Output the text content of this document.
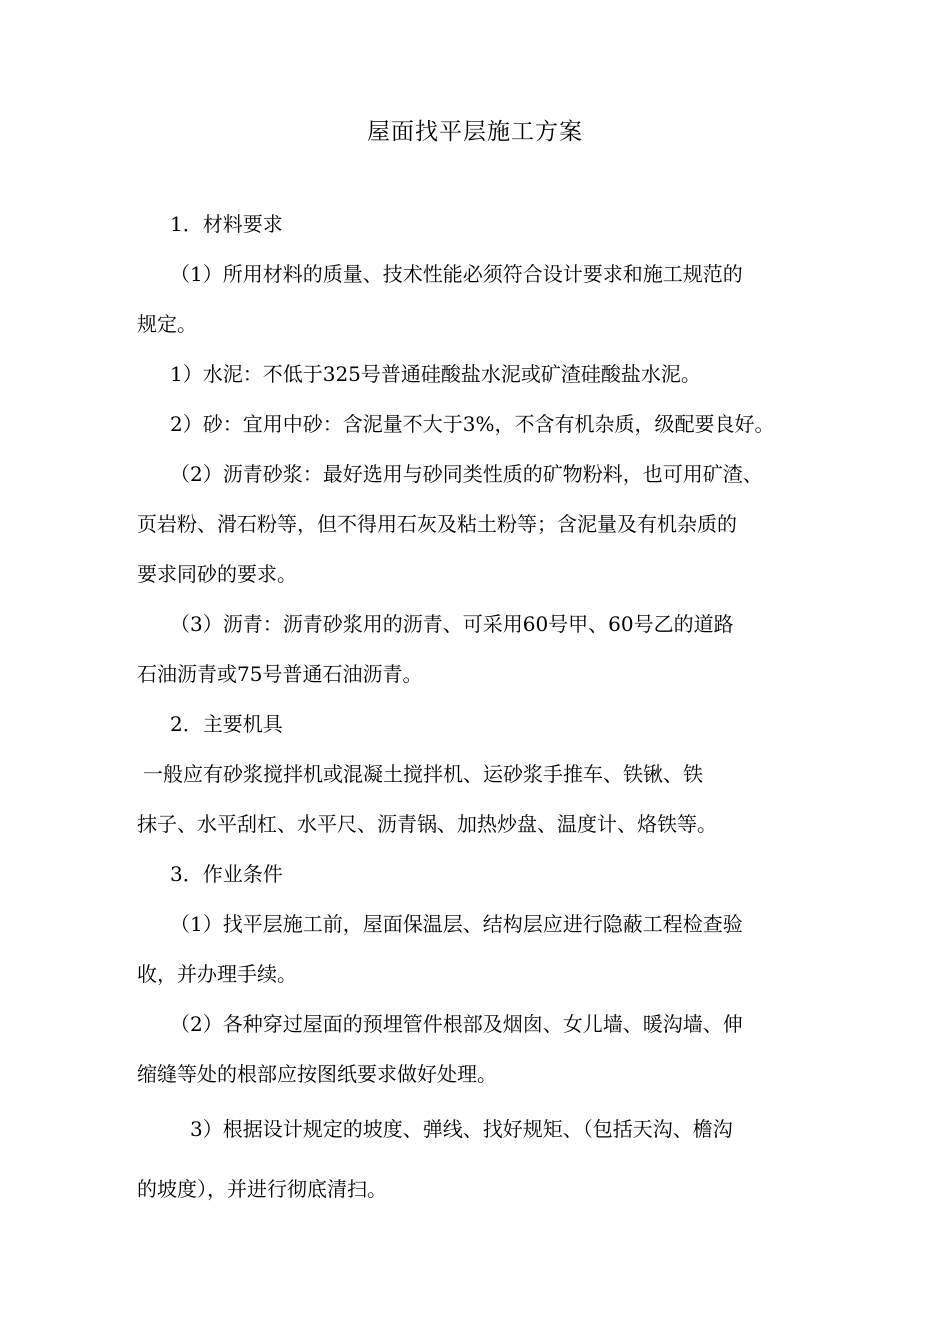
屋面找平层施工方案
1．材料要求
（1）所用材料的质量、技术性能必须符合设计要求和施工规范的
规定。
1）水泥：不低于325号普通硅酸盐水泥或矿渣硅酸盐水泥。
2）砂：宜用中砂：含泥量不大于3%，不含有机杂质，级配要良好。
（2）沥青砂浆：最好选用与砂同类性质的矿物粉料，也可用矿渣、
页岩粉、滑石粉等，但不得用石灰及粘土粉等；含泥量及有机杂质的
要求同砂的要求。
（3）沥青：沥青砂浆用的沥青、可采用60号甲、60号乙的道路
石油沥青或75号普通石油沥青。
2．主要机具
一般应有砂浆搅拌机或混凝土搅拌机、运砂浆手推车、铁锹、铁
抹子、水平刮杠、水平尺、沥青锅、加热炒盘、温度计、烙铁等。
3．作业条件
（1）找平层施工前，屋面保温层、结构层应进行隐蔽工程检查验
收，并办理手续。
（2）各种穿过屋面的预埋管件根部及烟囱、女儿墙、暖沟墙、伸
缩缝等处的根部应按图纸要求做好处理。
3）根据设计规定的坡度、弹线、找好规矩、（包括天沟、檐沟
的坡度），并进行彻底清扫。
